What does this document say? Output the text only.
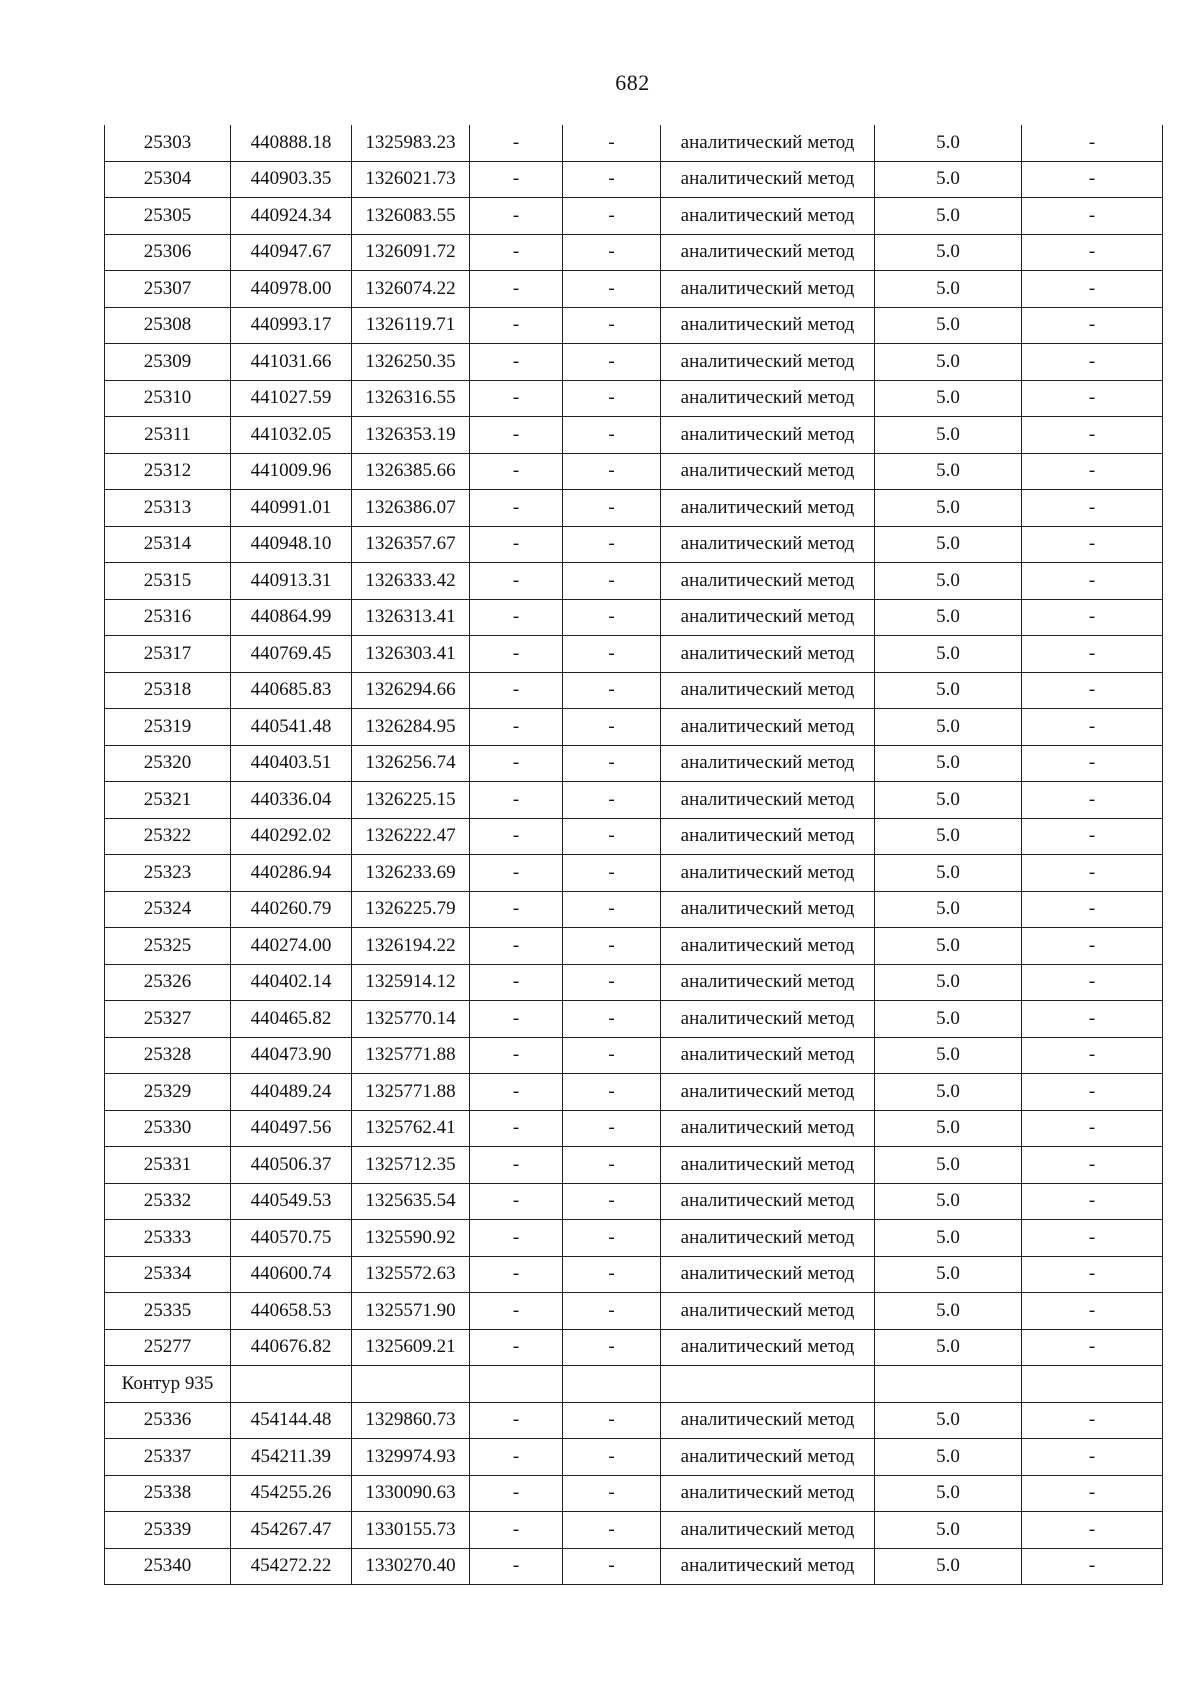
682
25303	440888.18	1325983.23	-	-	аналитический метод	5.0	-
25304	440903.35	1326021.73	-	-	аналитический метод	5.0	-
25305	440924.34	1326083.55	-	-	аналитический метод	5.0	-
25306	440947.67	1326091.72	-	-	аналитический метод	5.0	-
25307	440978.00	1326074.22	-	-	аналитический метод	5.0	-
25308	440993.17	1326119.71	-	-	аналитический метод	5.0	-
25309	441031.66	1326250.35	-	-	аналитический метод	5.0	-
25310	441027.59	1326316.55	-	-	аналитический метод	5.0	-
25311	441032.05	1326353.19	-	-	аналитический метод	5.0	-
25312	441009.96	1326385.66	-	-	аналитический метод	5.0	-
25313	440991.01	1326386.07	-	-	аналитический метод	5.0	-
25314	440948.10	1326357.67	-	-	аналитический метод	5.0	-
25315	440913.31	1326333.42	-	-	аналитический метод	5.0	-
25316	440864.99	1326313.41	-	-	аналитический метод	5.0	-
25317	440769.45	1326303.41	-	-	аналитический метод	5.0	-
25318	440685.83	1326294.66	-	-	аналитический метод	5.0	-
25319	440541.48	1326284.95	-	-	аналитический метод	5.0	-
25320	440403.51	1326256.74	-	-	аналитический метод	5.0	-
25321	440336.04	1326225.15	-	-	аналитический метод	5.0	-
25322	440292.02	1326222.47	-	-	аналитический метод	5.0	-
25323	440286.94	1326233.69	-	-	аналитический метод	5.0	-
25324	440260.79	1326225.79	-	-	аналитический метод	5.0	-
25325	440274.00	1326194.22	-	-	аналитический метод	5.0	-
25326	440402.14	1325914.12	-	-	аналитический метод	5.0	-
25327	440465.82	1325770.14	-	-	аналитический метод	5.0	-
25328	440473.90	1325771.88	-	-	аналитический метод	5.0	-
25329	440489.24	1325771.88	-	-	аналитический метод	5.0	-
25330	440497.56	1325762.41	-	-	аналитический метод	5.0	-
25331	440506.37	1325712.35	-	-	аналитический метод	5.0	-
25332	440549.53	1325635.54	-	-	аналитический метод	5.0	-
25333	440570.75	1325590.92	-	-	аналитический метод	5.0	-
25334	440600.74	1325572.63	-	-	аналитический метод	5.0	-
25335	440658.53	1325571.90	-	-	аналитический метод	5.0	-
25277	440676.82	1325609.21	-	-	аналитический метод	5.0	-
Контур 935							
25336	454144.48	1329860.73	-	-	аналитический метод	5.0	-
25337	454211.39	1329974.93	-	-	аналитический метод	5.0	-
25338	454255.26	1330090.63	-	-	аналитический метод	5.0	-
25339	454267.47	1330155.73	-	-	аналитический метод	5.0	-
25340	454272.22	1330270.40	-	-	аналитический метод	5.0	-
